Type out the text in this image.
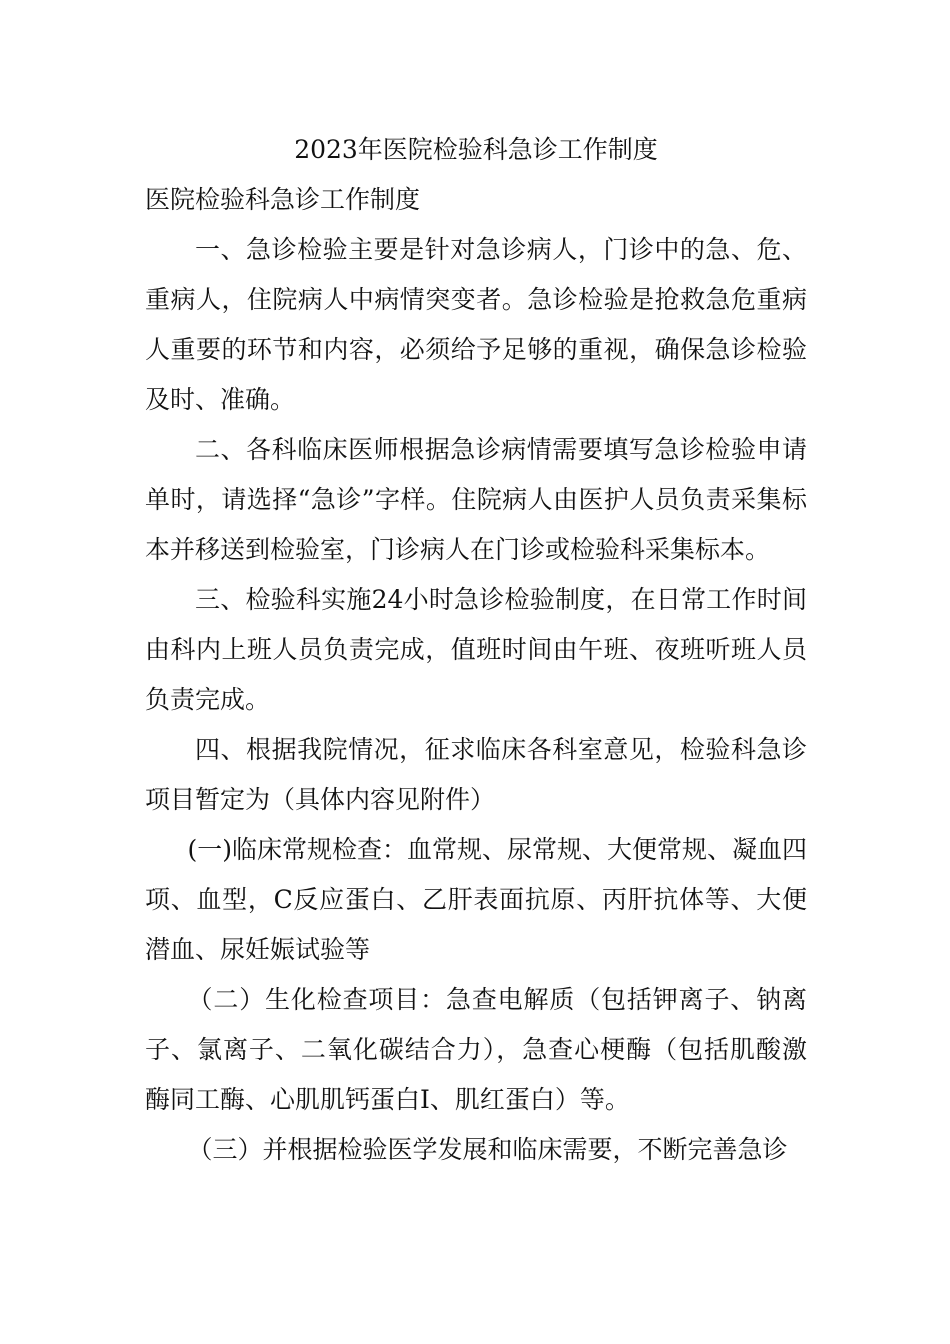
2023年医院检验科急诊工作制度

医院检验科急诊工作制度

一、急诊检验主要是针对急诊病人，门诊中的急、危、重病人，住院病人中病情突变者。急诊检验是抢救急危重病人重要的环节和内容，必须给予足够的重视，确保急诊检验及时、准确。

二、各科临床医师根据急诊病情需要填写急诊检验申请单时，请选择“急诊”字样。住院病人由医护人员负责采集标本并移送到检验室，门诊病人在门诊或检验科采集标本。

三、检验科实施24小时急诊检验制度，在日常工作时间由科内上班人员负责完成，值班时间由午班、夜班听班人员负责完成。

四、根据我院情况，征求临床各科室意见，检验科急诊项目暂定为（具体内容见附件）

(一)临床常规检查：血常规、尿常规、大便常规、凝血四项、血型，C反应蛋白、乙肝表面抗原、丙肝抗体等、大便潜血、尿妊娠试验等

（二）生化检查项目：急查电解质（包括钾离子、钠离子、氯离子、二氧化碳结合力），急查心梗酶（包括肌酸激酶同工酶、心肌肌钙蛋白I、肌红蛋白）等。

（三）并根据检验医学发展和临床需要，不断完善急诊
